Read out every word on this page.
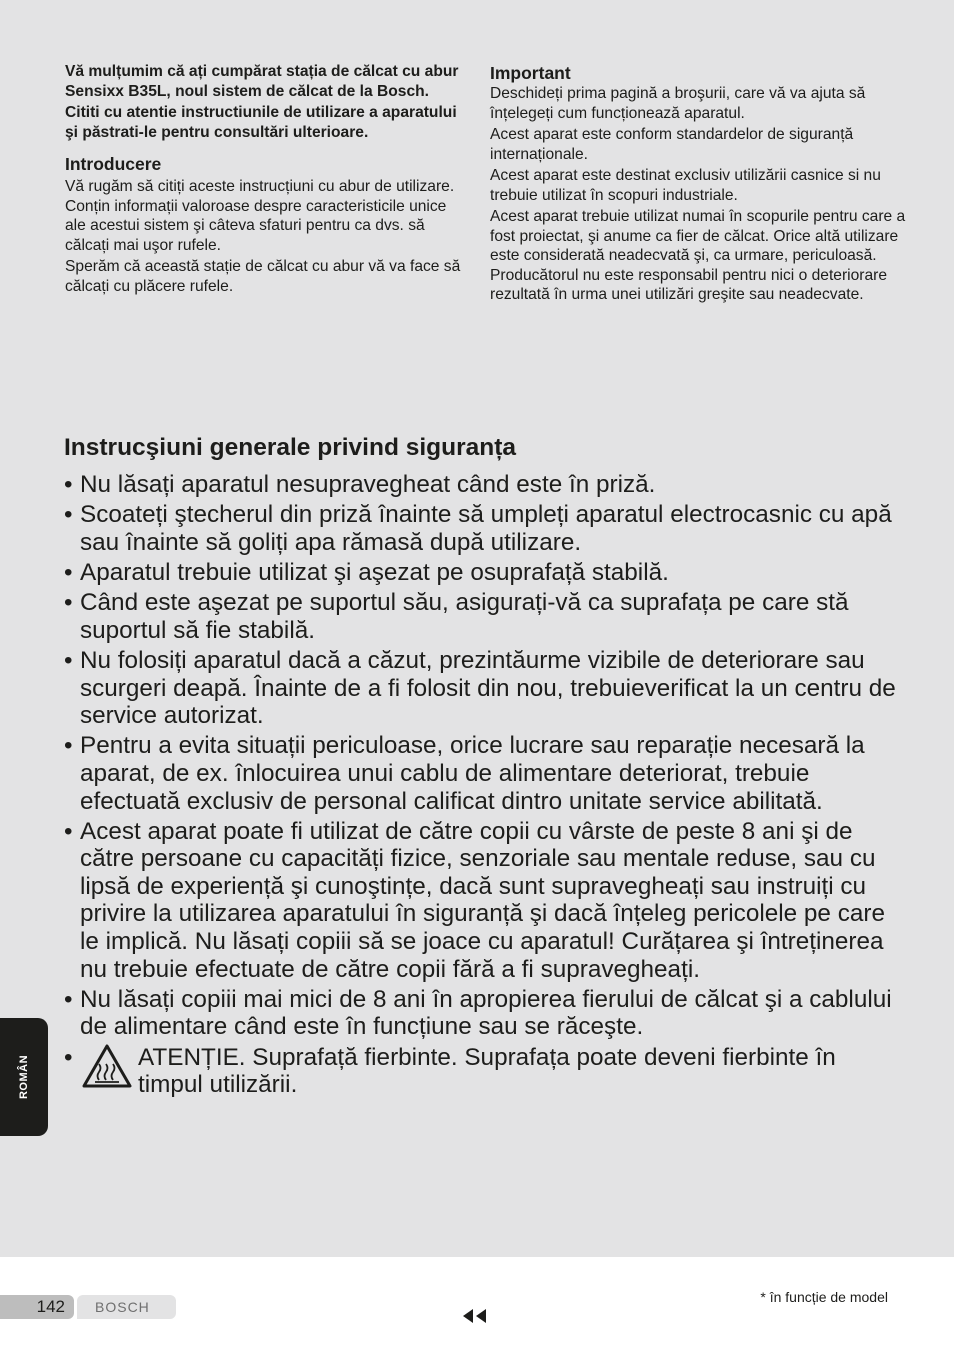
Vă mulțumim că ați cumpărat stația de călcat cu abur Sensixx B35L, noul sistem de călcat de la Bosch.

Cititi cu atentie instructiunile de utilizare a aparatului şi păstrati-le pentru consultări ulterioare.

Introducere

Vă rugăm să citiți aceste instrucțiuni cu abur de utilizare. Conțin informații valoroase despre caracteristicile unice ale acestui sistem şi câteva sfaturi pentru ca dvs. să călcați mai uşor rufele.

Sperăm că această stație de călcat cu abur vă va face să călcați cu plăcere rufele.

Important

Deschideți prima pagină a broşurii, care vă va ajuta să înțelegeți cum funcționează aparatul.

Acest aparat este conform standardelor de siguranță internaționale.

Acest aparat este destinat exclusiv utilizării casnice si nu trebuie utilizat în scopuri industriale.

Acest aparat trebuie utilizat numai în scopurile pentru care a fost proiectat, şi anume ca fier de călcat. Orice altă utilizare este considerată neadecvată şi, ca urmare, periculoasă. Producătorul nu este responsabil pentru nici o deteriorare rezultată în urma unei utilizări greşite sau neadecvate.

Instrucşiuni generale privind siguranța
• Nu lăsați aparatul nesupravegheat când este în priză.
• Scoateți ştecherul din priză înainte să umpleți aparatul electrocasnic cu apă sau înainte să goliți apa rămasă după utilizare.
• Aparatul trebuie utilizat şi aşezat pe osuprafață stabilă.
• Când este aşezat pe suportul său, asigurați-vă ca suprafața pe care stă suportul să fie stabilă.
• Nu folosiți aparatul dacă a căzut, prezintăurme vizibile de deteriorare sau scurgeri deapă. Înainte de a fi folosit din nou, trebuieverificat la un centru de service autorizat.
• Pentru a evita situații periculoase, orice lucrare sau reparație necesară la aparat, de ex. înlocuirea unui cablu de alimentare deteriorat, trebuie efectuată exclusiv de personal calificat dintro unitate service abilitată.
• Acest aparat poate fi utilizat de către copii cu vârste de peste 8 ani şi de către persoane cu capacități fizice, senzoriale sau mentale reduse, sau cu lipsă de experiență şi cunoştințe, dacă sunt supravegheați sau instruiți cu privire la utilizarea aparatului în siguranță şi dacă înțeleg pericolele pe care le implică. Nu lăsați copiii să se joace cu aparatul! Curățarea şi întreținerea nu trebuie efectuate de către copii fără a fi supravegheați.
• Nu lăsați copiii mai mici de 8 ani în apropierea fierului de călcat şi a cablului de alimentare când este în funcțiune sau se răceşte.
•	ATENȚIE. Suprafață fierbinte. Suprafața poate deveni fierbinte în timpul utilizării.
ROMÂN
142	BOSCH
* în funcție de model
